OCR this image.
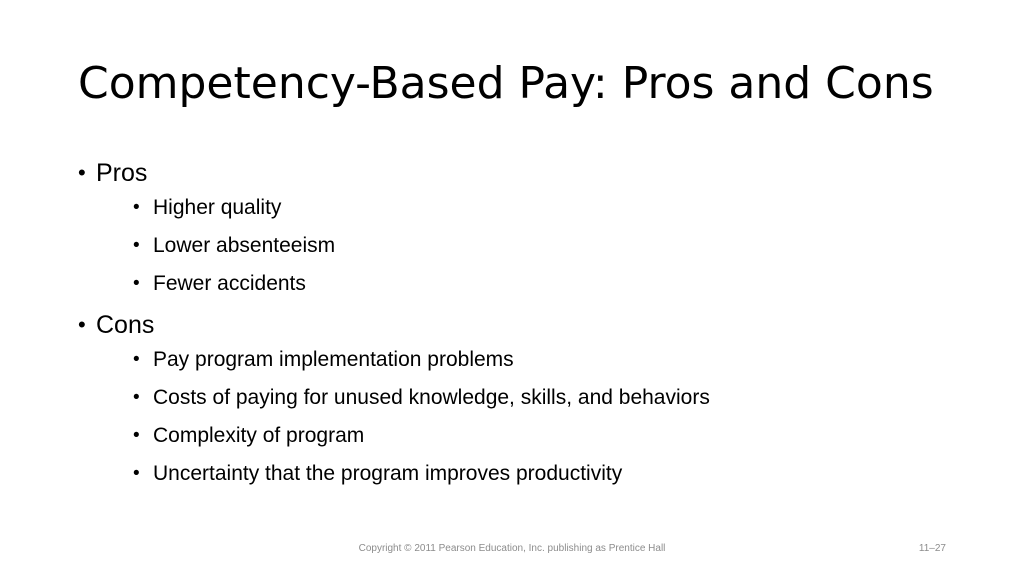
Competency-Based Pay: Pros and Cons
• Pros
• Higher quality
• Lower absenteeism
• Fewer accidents
• Cons
• Pay program implementation problems
• Costs of paying for unused knowledge, skills, and behaviors
• Complexity of program
• Uncertainty that the program improves productivity
Copyright © 2011 Pearson Education, Inc. publishing as Prentice Hall	11–27
